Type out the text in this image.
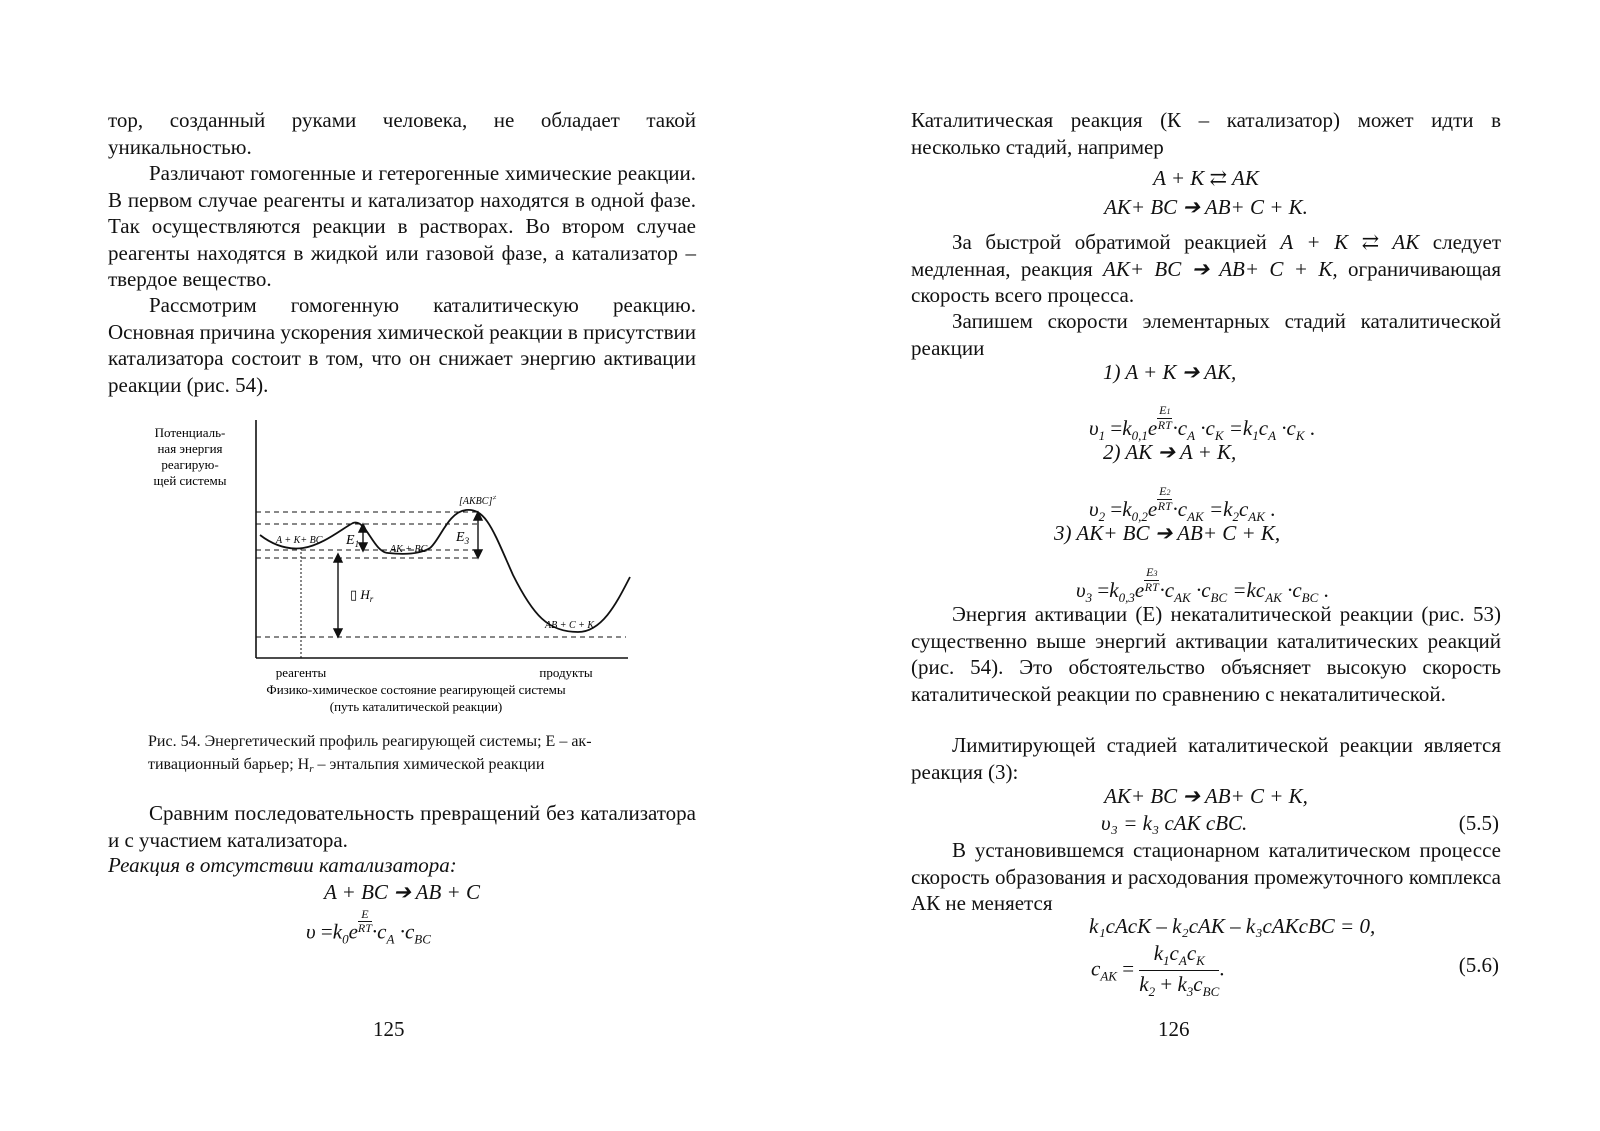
тор, созданный руками человека, не обладает такой уникальностью.

Различают гомогенные и гетерогенные химические реакции. В первом случае реагенты и катализатор находятся в одной фазе. Так осуществляются реакции в растворах. Во втором случае реагенты находятся в жидкой или газовой фазе, а катализатор – твердое вещество.

Рассмотрим гомогенную каталитическую реакцию. Основная причина ускорения химической реакции в присутствии катализатора состоит в том, что он снижает энергию активации реакции (рис. 54).

Потенциаль-
ная энергия
реагирую-
щей системы
A + K+ BC
AK + BC
[AKBC]≠
AB + C + K
$E_1$	$E_3$
▯ $H_r$
реагенты	продукты
Физико-химическое состояние реагирующей системы
(путь каталитической реакции)
Рис. 54. Энергетический профиль реагирующей системы; E – ак-
тивационный барьер; $H_r$ – энтальпия химической реакции

Сравним последовательность превращений без катализатора и с участием катализатора.

Реакция в отсутствии катализатора:

A + BC ➔ AB + C
$\upsilon =k_0e \frac{E}{RT} \cdot c_A \cdot c_{BC}$
125

Каталитическая реакция (К – катализатор) может идти в несколько стадий, например

A + K ⇄ AK
AK+ BC ➔ AB+ C + K.

За быстрой обратимой реакцией A + K ⇄ AK следует медленная, реакция AK+ BC ➔ AB+ C + K, ограничивающая скорость всего процесса.

Запишем скорости элементарных стадий каталитической реакции

1) A + K ➔ AK,
$\upsilon_1 =k_{0,1}e \frac{E1}{RT} \cdot c_A \cdot c_K =k_1c_A \cdot c_K$ .
2) AK ➔ A + K,
$\upsilon_2 =k_{0,2}e \frac{E2}{RT} \cdot c_{AK} =k_2c_{AK}$ .
3) AK+ BC ➔ AB+ C + K,
$\upsilon_3 =k_{0,3}e \frac{E3}{RT} \cdot c_{AK} \cdot c_{BC} =kc_{AK} \cdot c_{BC}$ .

Энергия активации (E) некаталитической реакции (рис. 53) существенно выше энергий активации каталитических реакций (рис. 54). Это обстоятельство объясняет высокую скорость каталитической реакции по сравнению с некаталитической.

Лимитирующей стадией каталитической реакции является реакция (3):

AK+ BC ➔ AB+ C + K,
υ₃ = k₃ cAK cBC.	(5.5)

В установившемся стационарном каталитическом процессе скорость образования и расходования промежуточного комплекса АК не меняется

k₁cAcK – k₂cAK – k₃cAKcBC = 0,
$c_{AK} = \frac{k_1c_Ac_K}{k_2 + k_3c_{BC}}$ .	(5.6)
126
